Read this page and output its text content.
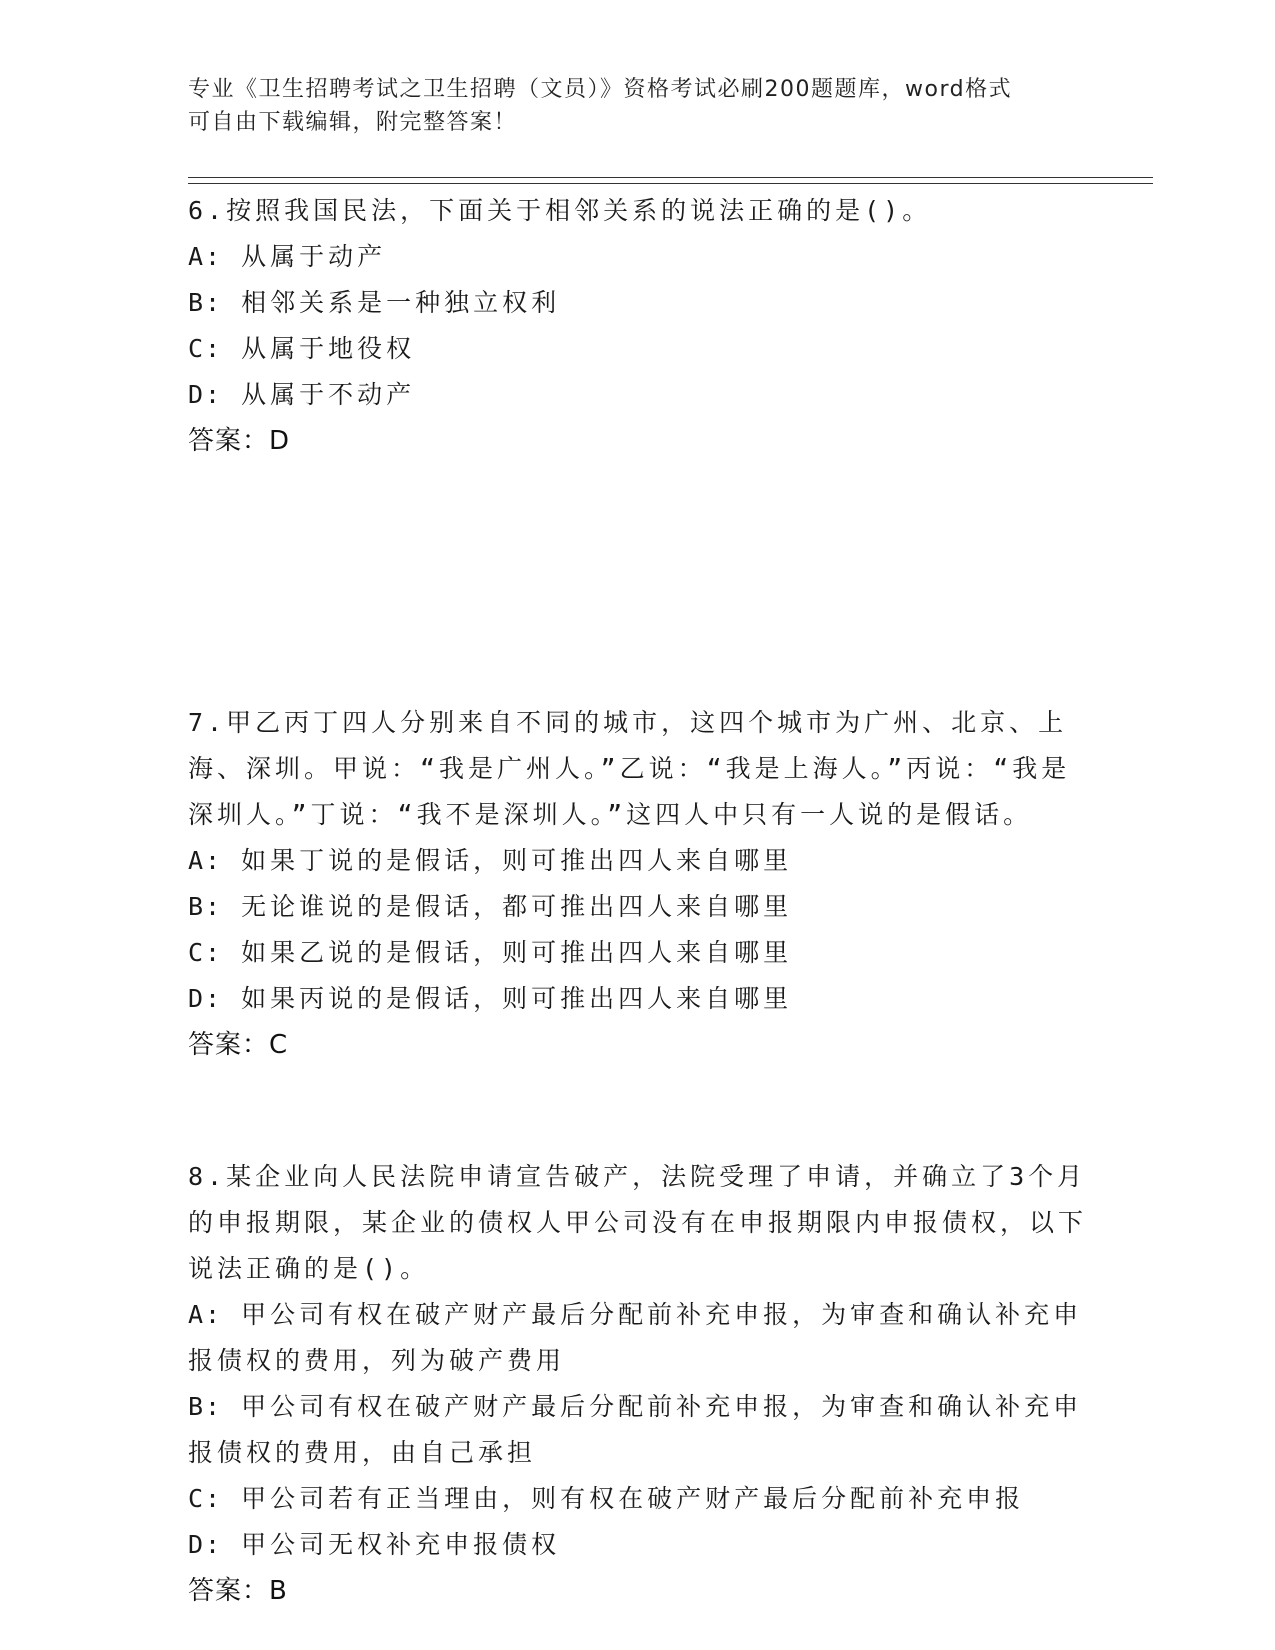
专业《卫生招聘考试之卫生招聘（文员）》资格考试必刷200题题库，word格式
可自由下载编辑，附完整答案！

6.按照我国民法，下面关于相邻关系的说法正确的是()。

A: 从属于动产

B: 相邻关系是一种独立权利

C: 从属于地役权

D: 从属于不动产

答案：D

7.甲乙丙丁四人分别来自不同的城市，这四个城市为广州、北京、上海、深圳。甲说：“我是广州人。”乙说：“我是上海人。”丙说：“我是深圳人。”丁说：“我不是深圳人。”这四人中只有一人说的是假话。

A: 如果丁说的是假话，则可推出四人来自哪里

B: 无论谁说的是假话，都可推出四人来自哪里

C: 如果乙说的是假话，则可推出四人来自哪里

D: 如果丙说的是假话，则可推出四人来自哪里

答案：C

8.某企业向人民法院申请宣告破产，法院受理了申请，并确立了3个月的申报期限，某企业的债权人甲公司没有在申报期限内申报债权，以下说法正确的是()。

A: 甲公司有权在破产财产最后分配前补充申报，为审查和确认补充申报债权的费用，列为破产费用

B: 甲公司有权在破产财产最后分配前补充申报，为审查和确认补充申报债权的费用，由自己承担

C: 甲公司若有正当理由，则有权在破产财产最后分配前补充申报

D: 甲公司无权补充申报债权

答案：B
